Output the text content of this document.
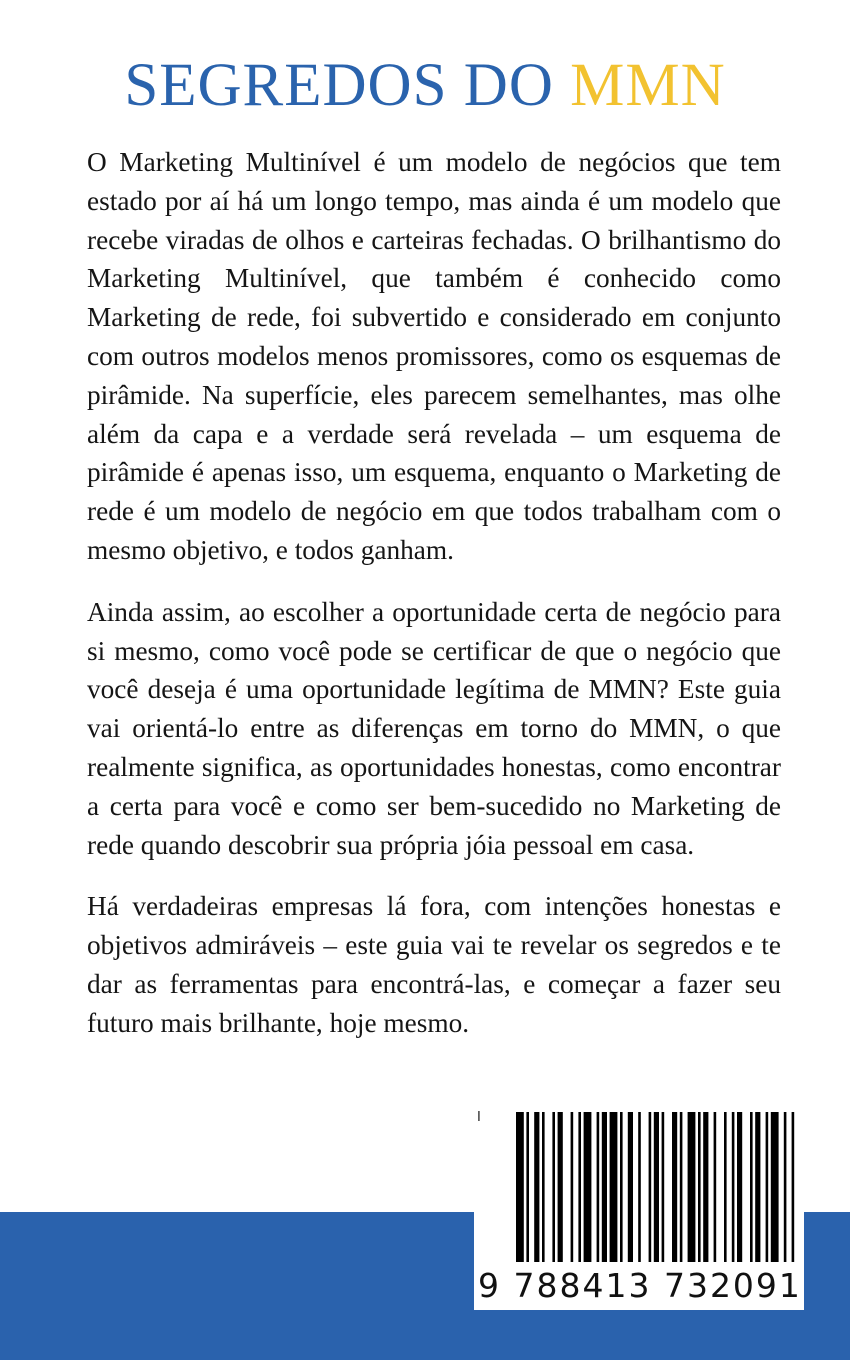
SEGREDOS DO MMN

O Marketing Multinível é um modelo de negócios que tem estado por aí há um longo tempo, mas ainda é um modelo que recebe viradas de olhos e carteiras fechadas. O brilhantismo do Marketing Multinível, que também é conhecido como Marketing de rede, foi subvertido e considerado em conjunto com outros modelos menos promissores, como os esquemas de pirâmide. Na superfície, eles parecem semelhantes, mas olhe além da capa e a verdade será revelada – um esquema de pirâmide é apenas isso, um esquema, enquanto o Marketing de rede é um modelo de negócio em que todos trabalham com o mesmo objetivo, e todos ganham.

Ainda assim, ao escolher a oportunidade certa de negócio para si mesmo, como você pode se certificar de que o negócio que você deseja é uma oportunidade legítima de MMN? Este guia vai orientá-lo entre as diferenças em torno do MMN, o que realmente significa, as oportunidades honestas, como encontrar a certa para você e como ser bem-sucedido no Marketing de rede quando descobrir sua própria jóia pessoal em casa.

Há verdadeiras empresas lá fora, com intenções honestas e objetivos admiráveis – este guia vai te revelar os segredos e te dar as ferramentas para encontrá-las, e começar a fazer seu futuro mais brilhante, hoje mesmo.

I
9 788413 732091
